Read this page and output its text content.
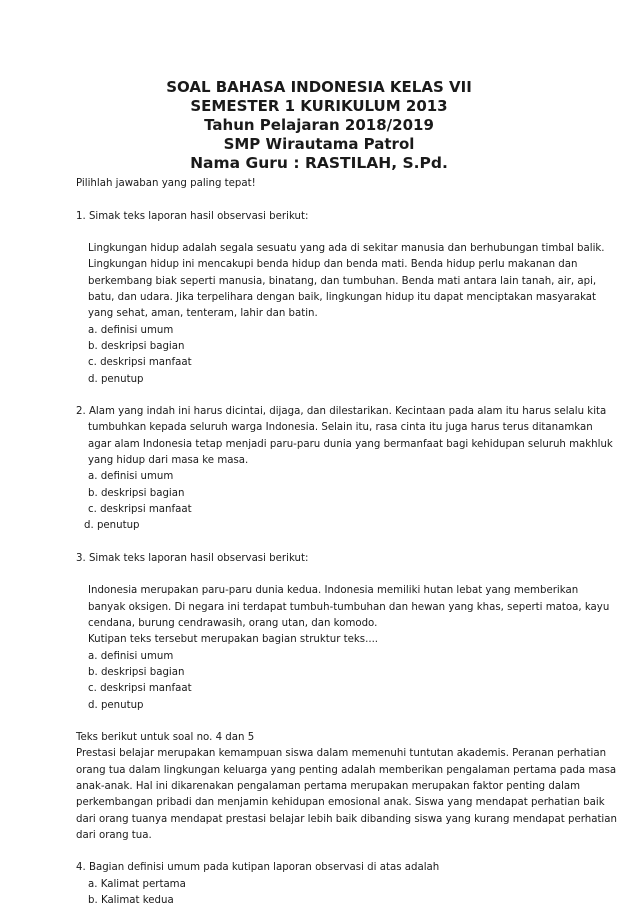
SOAL BAHASA INDONESIA KELAS VII
SEMESTER 1 KURIKULUM 2013
Tahun Pelajaran 2018/2019
SMP Wirautama Patrol
Nama Guru : RASTILAH, S.Pd.
Pilihlah jawaban yang paling tepat!
1. Simak teks laporan hasil observasi berikut:
Lingkungan hidup adalah segala sesuatu yang ada di sekitar manusia dan berhubungan timbal balik.
Lingkungan hidup ini mencakupi benda hidup dan benda mati. Benda hidup perlu makanan dan
berkembang biak seperti manusia, binatang, dan tumbuhan. Benda mati antara lain tanah, air, api,
batu, dan udara. Jika terpelihara dengan baik, lingkungan hidup itu dapat menciptakan masyarakat
yang sehat, aman, tenteram, lahir dan batin.
a. definisi umum
b. deskripsi bagian
c. deskripsi manfaat
d. penutup
2. Alam yang indah ini harus dicintai, dijaga, dan dilestarikan. Kecintaan pada alam itu harus selalu kita
tumbuhkan kepada seluruh warga Indonesia. Selain itu, rasa cinta itu juga harus terus ditanamkan
agar alam Indonesia tetap menjadi paru-paru dunia yang bermanfaat bagi kehidupan seluruh makhluk
yang hidup dari masa ke masa.
a. definisi umum
b. deskripsi bagian
c. deskripsi manfaat
d. penutup
3. Simak teks laporan hasil observasi berikut:
Indonesia merupakan paru-paru dunia kedua. Indonesia memiliki hutan lebat yang memberikan
banyak oksigen. Di negara ini terdapat tumbuh-tumbuhan dan hewan yang khas, seperti matoa, kayu
cendana, burung cendrawasih, orang utan, dan komodo.
Kutipan teks tersebut merupakan bagian struktur teks....
a. definisi umum
b. deskripsi bagian
c. deskripsi manfaat
d. penutup
Teks berikut untuk soal no. 4 dan 5
Prestasi belajar merupakan kemampuan siswa dalam memenuhi tuntutan akademis. Peranan perhatian
orang tua dalam lingkungan keluarga yang penting adalah memberikan pengalaman pertama pada masa
anak-anak. Hal ini dikarenakan pengalaman pertama merupakan merupakan faktor penting dalam
perkembangan pribadi dan menjamin kehidupan emosional anak. Siswa yang mendapat perhatian baik
dari orang tuanya mendapat prestasi belajar lebih baik dibanding siswa yang kurang mendapat perhatian
dari orang tua.
4. Bagian definisi umum pada kutipan laporan observasi di atas adalah
a. Kalimat pertama
b. Kalimat kedua
